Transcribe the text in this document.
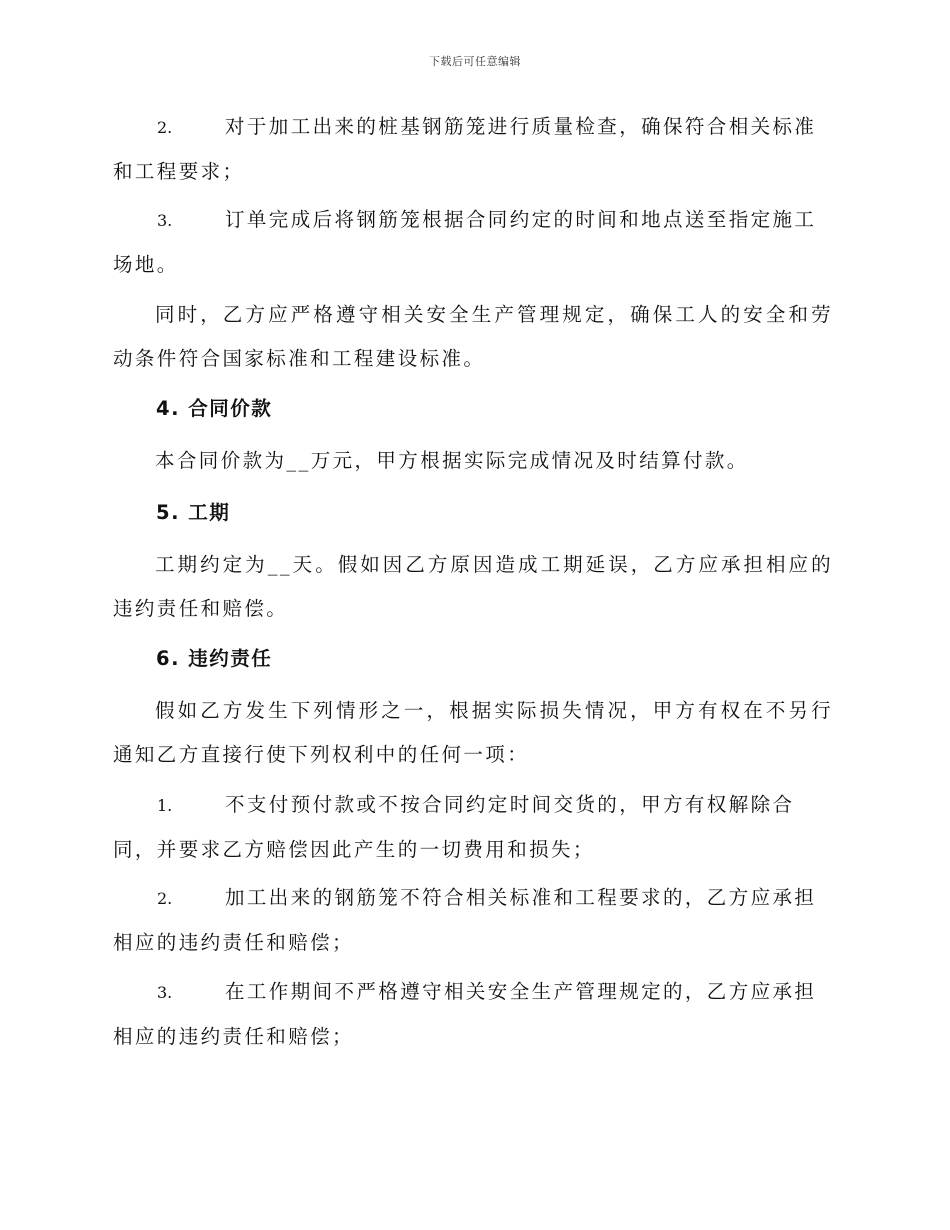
下载后可任意编辑
2.	对于加工出来的桩基钢筋笼进行质量检查，确保符合相关标准和工程要求；
3.	订单完成后将钢筋笼根据合同约定的时间和地点送至指定施工场地。
同时，乙方应严格遵守相关安全生产管理规定，确保工人的安全和劳动条件符合国家标准和工程建设标准。
4. 合同价款
本合同价款为__万元，甲方根据实际完成情况及时结算付款。
5. 工期
工期约定为__天。假如因乙方原因造成工期延误，乙方应承担相应的违约责任和赔偿。
6. 违约责任
假如乙方发生下列情形之一，根据实际损失情况，甲方有权在不另行通知乙方直接行使下列权利中的任何一项：
1.	不支付预付款或不按合同约定时间交货的，甲方有权解除合同，并要求乙方赔偿因此产生的一切费用和损失；
2.	加工出来的钢筋笼不符合相关标准和工程要求的，乙方应承担相应的违约责任和赔偿；
3.	在工作期间不严格遵守相关安全生产管理规定的，乙方应承担相应的违约责任和赔偿；
